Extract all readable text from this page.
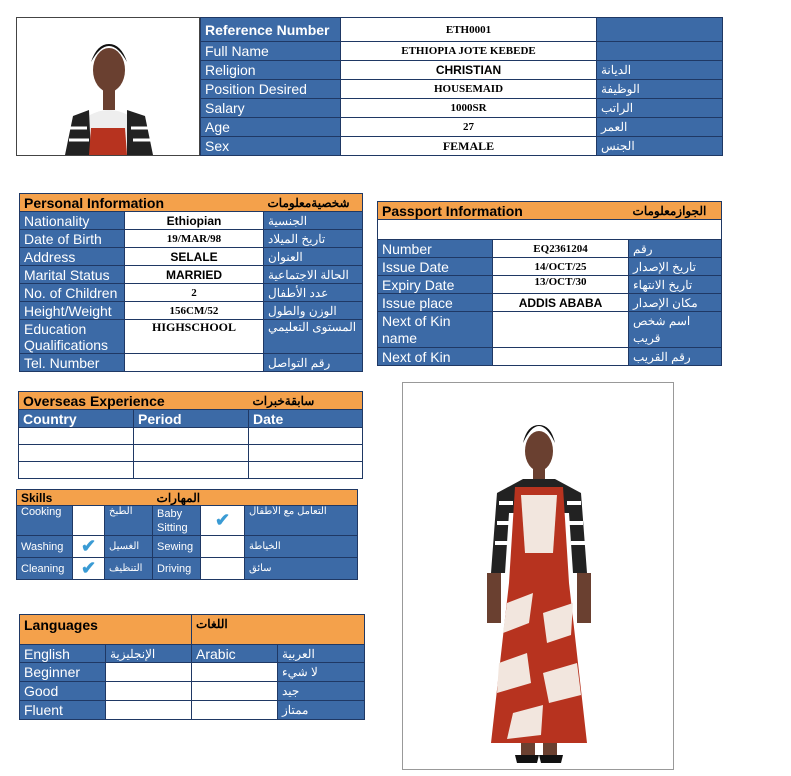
Reference Number	ETH0001	
Full Name	ETHIOPIA JOTE KEBEDE	
Religion	CHRISTIAN	الديانة
Position Desired	HOUSEMAID	الوظيفة
Salary	1000SR	الراتب
Age	27	العمر
Sex	FEMALE	الجنس
Personal Information		شخصيةمعلومات
Nationality	Ethiopian	الجنسية
Date of Birth	19/MAR/98	تاريخ الميلاد
Address	SELALE	العنوان
Marital Status	MARRIED	الحالة الاجتماعية
No. of Children	2	عدد الأطفال
Height/Weight	156CM/52	الوزن والطول
Education Qualifications	HIGHSCHOOL	المستوى التعليمي
Tel. Number		رقم التواصل
Passport Information		الجوازمعلومات

Number	EQ2361204	رقم
Issue Date	14/OCT/25	تاريخ الإصدار
Expiry Date	13/OCT/30	تاريخ الانتهاء
Issue place	ADDIS ABABA	مكان الإصدار
Next of Kin name		اسم شخص قريب
Next of Kin		رقم القريب
Overseas Experience		سابقةخبرات
Country	Period	Date

Skills			المهارات		
Cooking		الطبخ	Baby Sitting	✔	التعامل مع الأطفال
Washing	✔	الغسيل	Sewing		الخياطة
Cleaning	✔	التنظيف	Driving		سائق
Languages		اللغات	
English	الإنجليزية	Arabic	العربية
Beginner			لا شيء
Good			جيد
Fluent			ممتاز
